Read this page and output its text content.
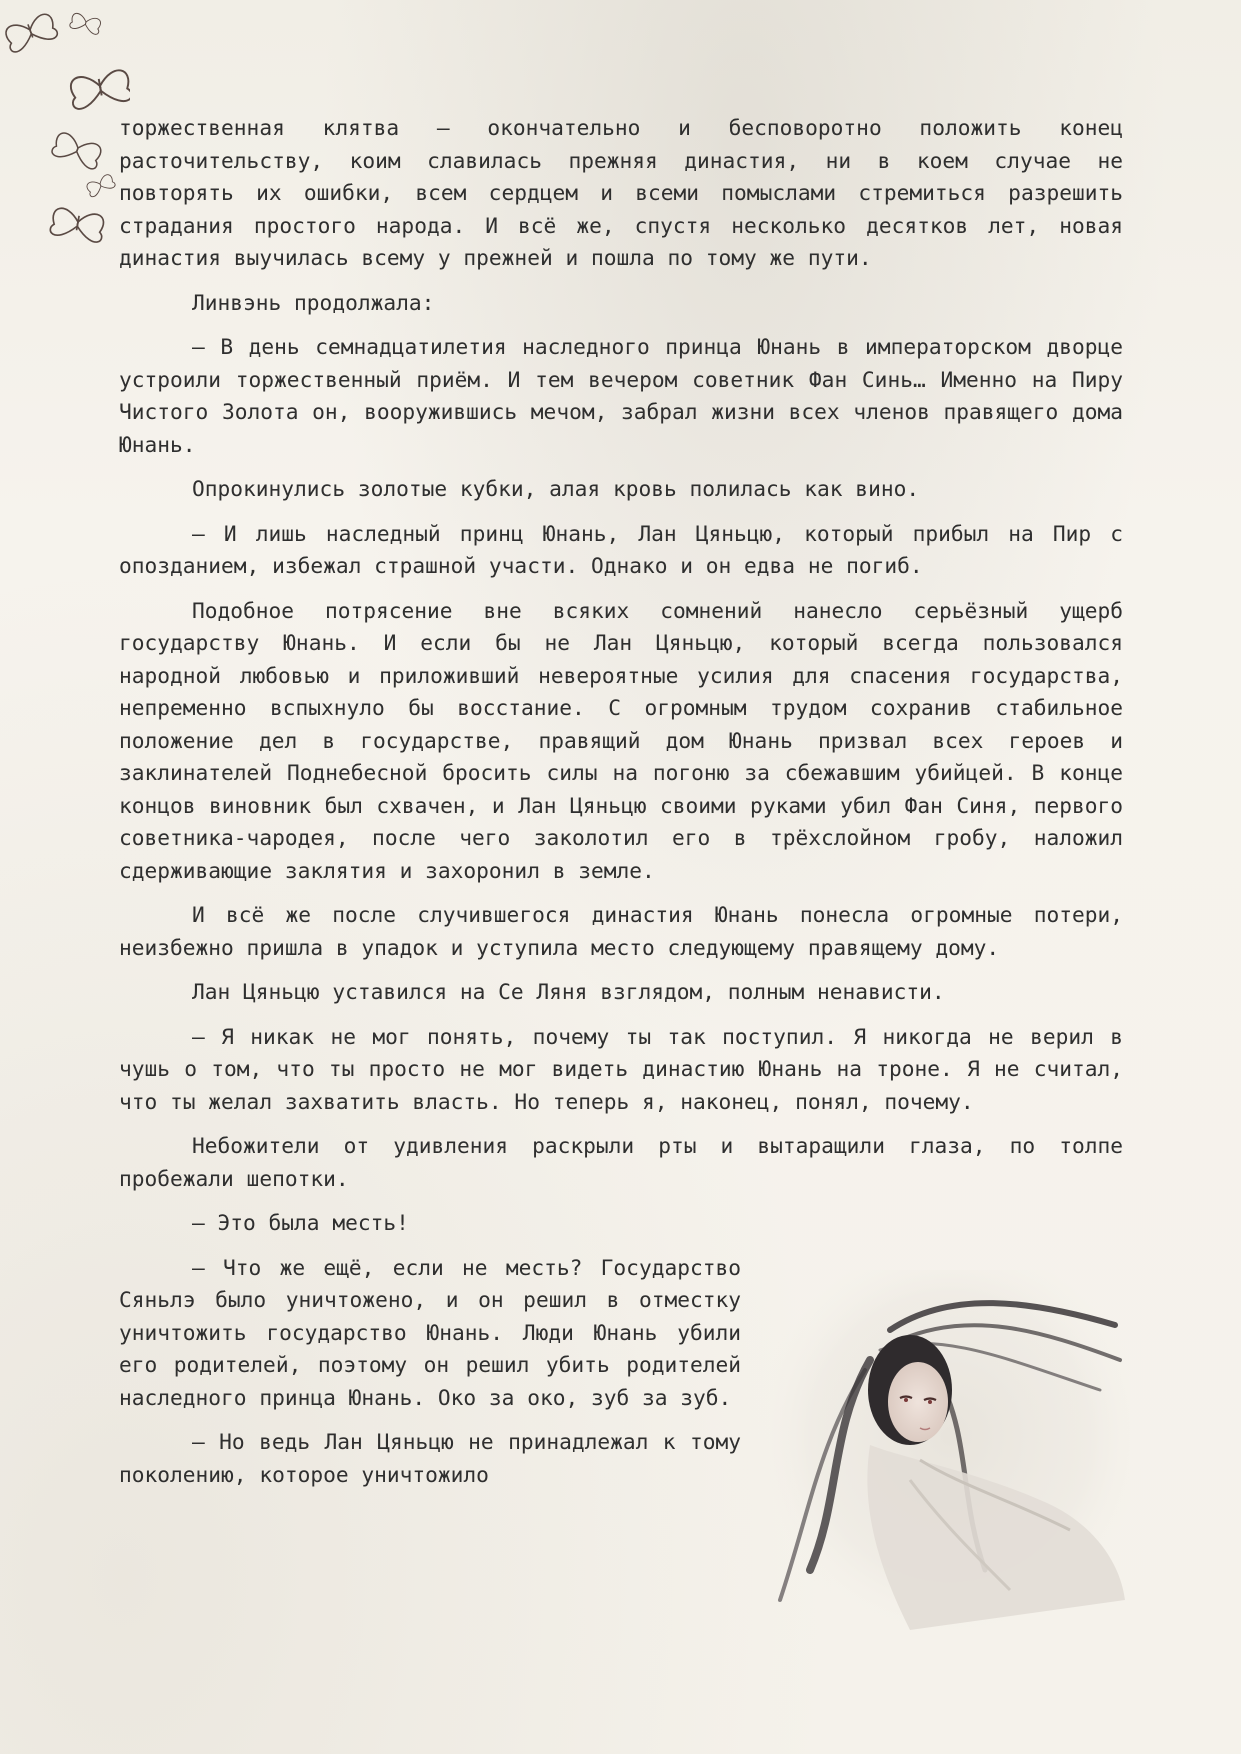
торжественная клятва — окончательно и бесповоротно положить конец расточительству, коим славилась прежняя династия, ни в коем случае не повторять их ошибки, всем сердцем и всеми помыслами стремиться разрешить страдания простого народа. И всё же, спустя несколько десятков лет, новая династия выучилась всему у прежней и пошла по тому же пути.

Линвэнь продолжала:

— В день семнадцатилетия наследного принца Юнань в императорском дворце устроили торжественный приём. И тем вечером советник Фан Синь… Именно на Пиру Чистого Золота он, вооружившись мечом, забрал жизни всех членов правящего дома Юнань.

Опрокинулись золотые кубки, алая кровь полилась как вино.

— И лишь наследный принц Юнань, Лан Цяньцю, который прибыл на Пир с опозданием, избежал страшной участи. Однако и он едва не погиб.

Подобное потрясение вне всяких сомнений нанесло серьёзный ущерб государству Юнань. И если бы не Лан Цяньцю, который всегда пользовался народной любовью и приложивший невероятные усилия для спасения государства, непременно вспыхнуло бы восстание. С огромным трудом сохранив стабильное положение дел в государстве, правящий дом Юнань призвал всех героев и заклинателей Поднебесной бросить силы на погоню за сбежавшим убийцей. В конце концов виновник был схвачен, и Лан Цяньцю своими руками убил Фан Синя, первого советника-чародея, после чего заколотил его в трёхслойном гробу, наложил сдерживающие заклятия и захоронил в земле.

И всё же после случившегося династия Юнань понесла огромные потери, неизбежно пришла в упадок и уступила место следующему правящему дому.

Лан Цяньцю уставился на Се Ляня взглядом, полным ненависти.

— Я никак не мог понять, почему ты так поступил. Я никогда не верил в чушь о том, что ты просто не мог видеть династию Юнань на троне. Я не считал, что ты желал захватить власть. Но теперь я, наконец, понял, почему.

Небожители от удивления раскрыли рты и вытаращили глаза, по толпе пробежали шепотки.

— Это была месть!

— Что же ещё, если не месть? Государство Сяньлэ было уничтожено, и он решил в отместку уничтожить государство Юнань. Люди Юнань убили его родителей, поэтому он решил убить родителей наследного принца Юнань. Око за око, зуб за зуб.

— Но ведь Лан Цяньцю не принадлежал к тому поколению, которое уничтожило
